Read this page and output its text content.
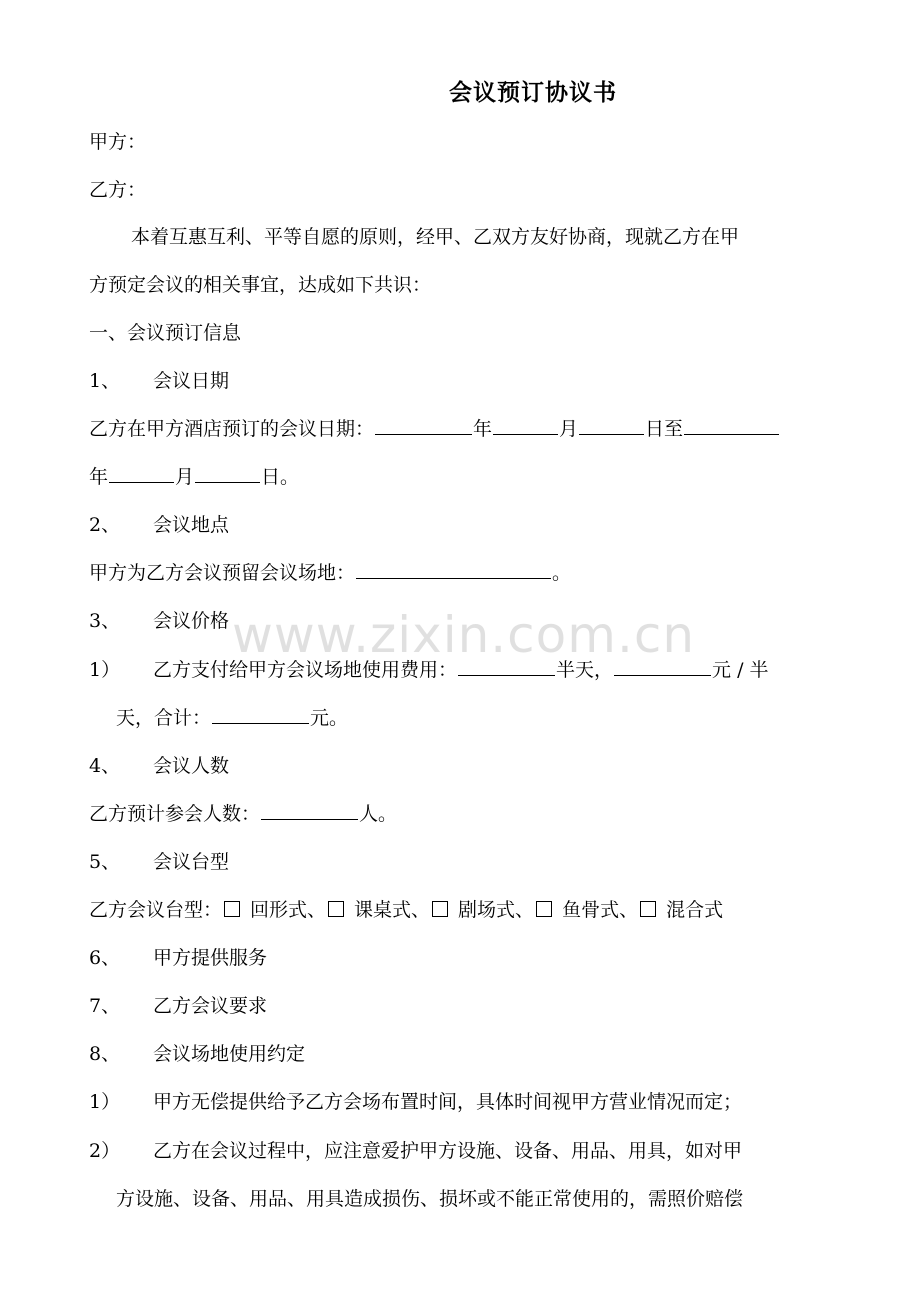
会议预订协议书
甲方：
乙方：
本着互惠互利、平等自愿的原则，经甲、乙双方友好协商，现就乙方在甲
方预定会议的相关事宜，达成如下共识：
一、会议预订信息
1、 会议日期
乙方在甲方酒店预订的会议日期：	年	月	日至
年	月	日。
2、 会议地点
甲方为乙方会议预留会议场地：	。
3、 会议价格
1） 乙方支付给甲方会议场地使用费用：	半天，	元 / 半
天，合计：	元。
4、 会议人数
乙方预计参会人数：	人。
5、 会议台型
乙方会议台型： 回形式、 课桌式、 剧场式、 鱼骨式、 混合式
6、 甲方提供服务
7、 乙方会议要求
8、 会议场地使用约定
1） 甲方无偿提供给予乙方会场布置时间，具体时间视甲方营业情况而定；
2） 乙方在会议过程中，应注意爱护甲方设施、设备、用品、用具，如对甲
方设施、设备、用品、用具造成损伤、损坏或不能正常使用的，需照价赔偿
www.zixin.com.cn
